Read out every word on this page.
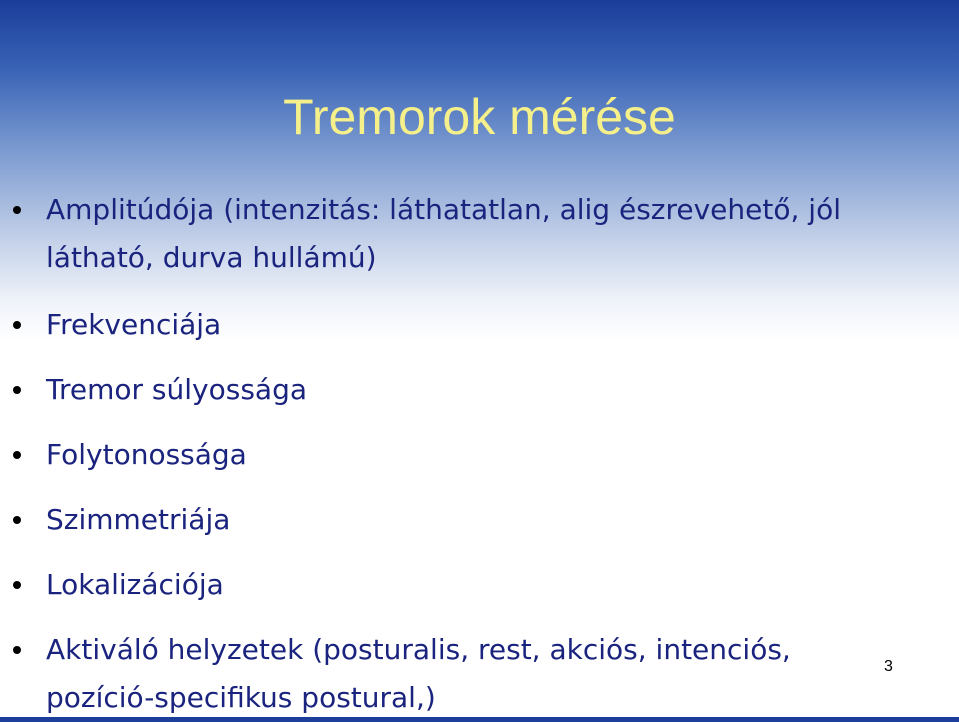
Tremorok mérése
Amplitúdója (intenzitás: láthatatlan, alig észrevehető, jól látható, durva hullámú)
Frekvenciája
Tremor súlyossága
Folytonossága
Szimmetriája
Lokalizációja
Aktiváló helyzetek (posturalis, rest, akciós, intenciós, pozíció-specifikus postural,)
3
